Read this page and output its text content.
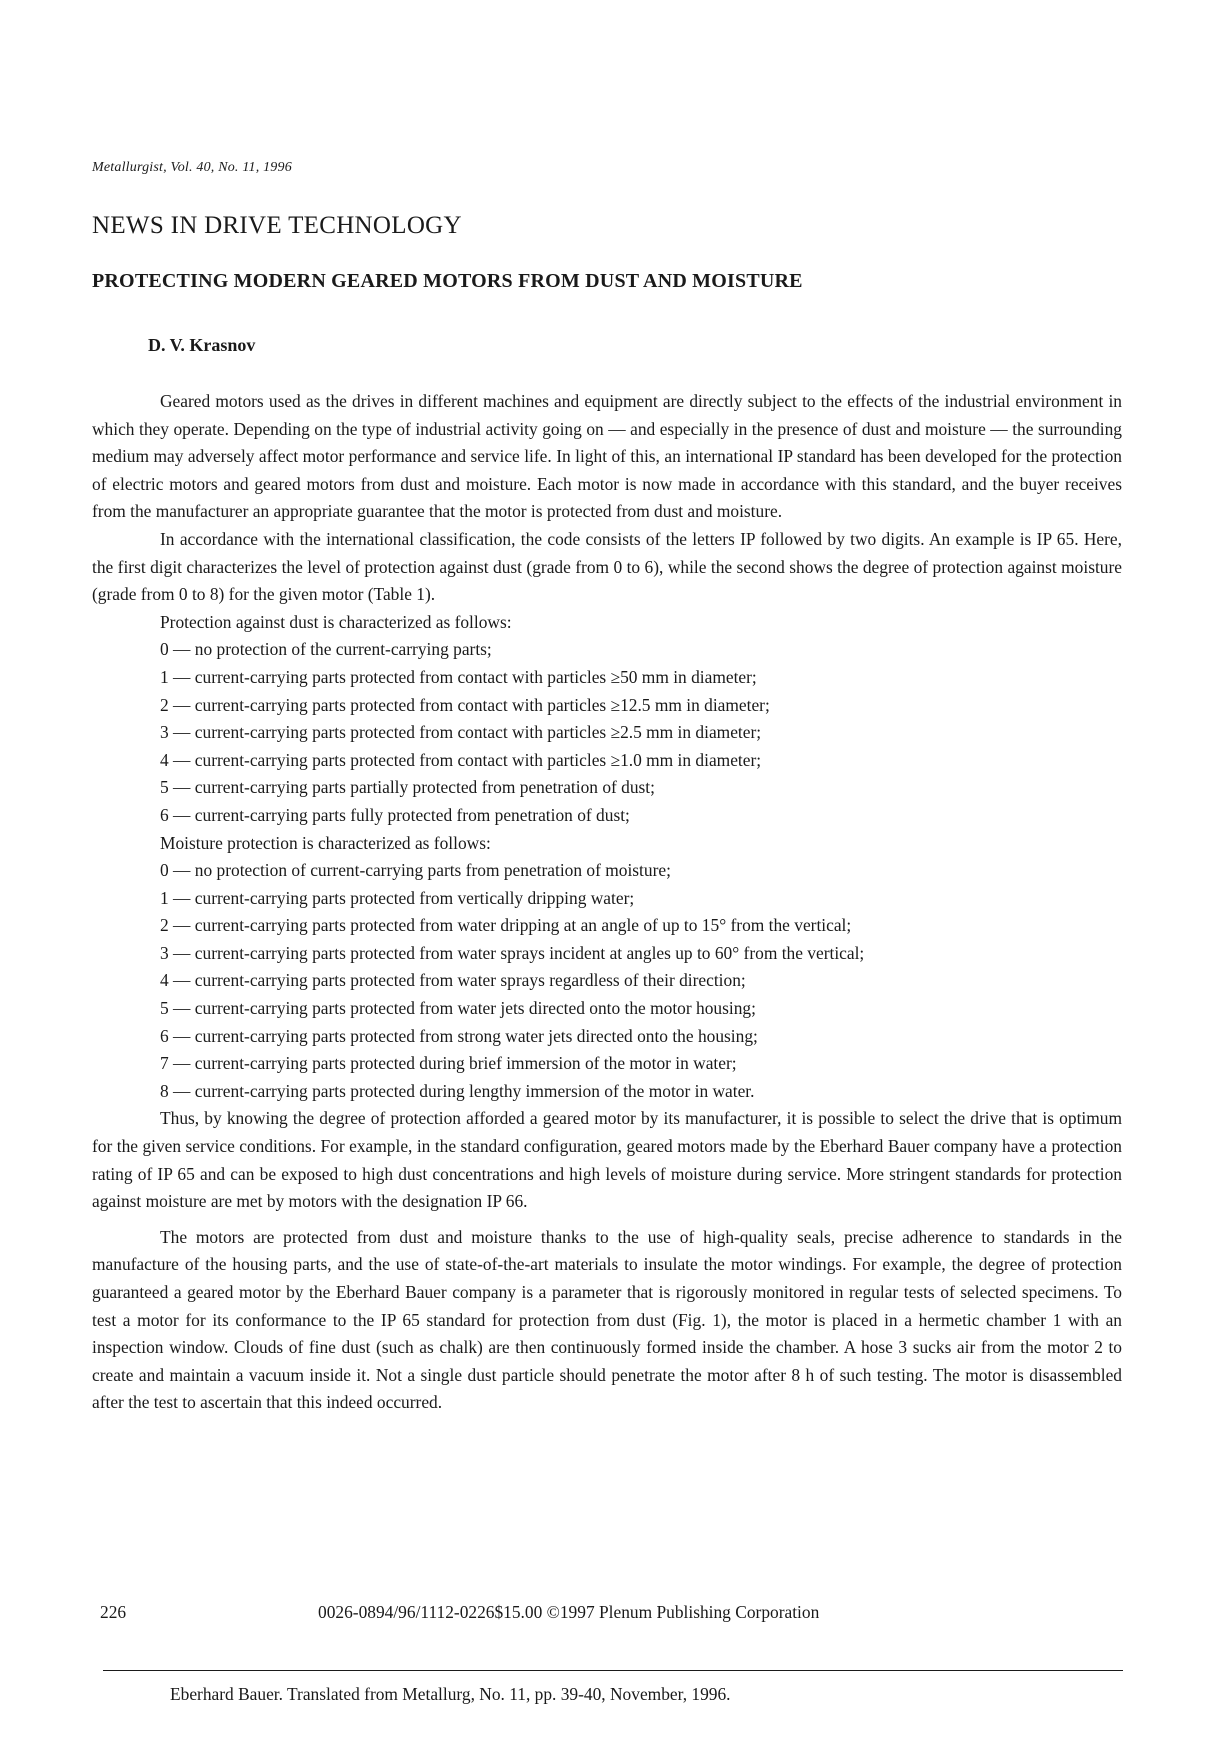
Metallurgist, Vol. 40, No. 11, 1996
NEWS IN DRIVE TECHNOLOGY
PROTECTING MODERN GEARED MOTORS FROM DUST AND MOISTURE
D. V. Krasnov

Geared motors used as the drives in different machines and equipment are directly subject to the effects of the industrial environment in which they operate. Depending on the type of industrial activity going on — and especially in the presence of dust and moisture — the surrounding medium may adversely affect motor performance and service life. In light of this, an international IP standard has been developed for the protection of electric motors and geared motors from dust and moisture. Each motor is now made in accordance with this standard, and the buyer receives from the manufacturer an appropriate guarantee that the motor is protected from dust and moisture.

In accordance with the international classification, the code consists of the letters IP followed by two digits. An example is IP 65. Here, the first digit characterizes the level of protection against dust (grade from 0 to 6), while the second shows the degree of protection against moisture (grade from 0 to 8) for the given motor (Table 1).

Protection against dust is characterized as follows:
0 — no protection of the current-carrying parts;
1 — current-carrying parts protected from contact with particles ≥50 mm in diameter;
2 — current-carrying parts protected from contact with particles ≥12.5 mm in diameter;
3 — current-carrying parts protected from contact with particles ≥2.5 mm in diameter;
4 — current-carrying parts protected from contact with particles ≥1.0 mm in diameter;
5 — current-carrying parts partially protected from penetration of dust;
6 — current-carrying parts fully protected from penetration of dust;
Moisture protection is characterized as follows:
0 — no protection of current-carrying parts from penetration of moisture;
1 — current-carrying parts protected from vertically dripping water;
2 — current-carrying parts protected from water dripping at an angle of up to 15° from the vertical;
3 — current-carrying parts protected from water sprays incident at angles up to 60° from the vertical;
4 — current-carrying parts protected from water sprays regardless of their direction;
5 — current-carrying parts protected from water jets directed onto the motor housing;
6 — current-carrying parts protected from strong water jets directed onto the housing;
7 — current-carrying parts protected during brief immersion of the motor in water;
8 — current-carrying parts protected during lengthy immersion of the motor in water.

Thus, by knowing the degree of protection afforded a geared motor by its manufacturer, it is possible to select the drive that is optimum for the given service conditions. For example, in the standard configuration, geared motors made by the Eberhard Bauer company have a protection rating of IP 65 and can be exposed to high dust concentrations and high levels of moisture during service. More stringent standards for protection against moisture are met by motors with the designation IP 66.

The motors are protected from dust and moisture thanks to the use of high-quality seals, precise adherence to standards in the manufacture of the housing parts, and the use of state-of-the-art materials to insulate the motor windings. For example, the degree of protection guaranteed a geared motor by the Eberhard Bauer company is a parameter that is rigorously monitored in regular tests of selected specimens. To test a motor for its conformance to the IP 65 standard for protection from dust (Fig. 1), the motor is placed in a hermetic chamber 1 with an inspection window. Clouds of fine dust (such as chalk) are then continuously formed inside the chamber. A hose 3 sucks air from the motor 2 to create and maintain a vacuum inside it. Not a single dust particle should penetrate the motor after 8 h of such testing. The motor is disassembled after the test to ascertain that this indeed occurred.

Eberhard Bauer. Translated from Metallurg, No. 11, pp. 39-40, November, 1996.
226	0026-0894/96/1112-0226$15.00 ©1997 Plenum Publishing Corporation
